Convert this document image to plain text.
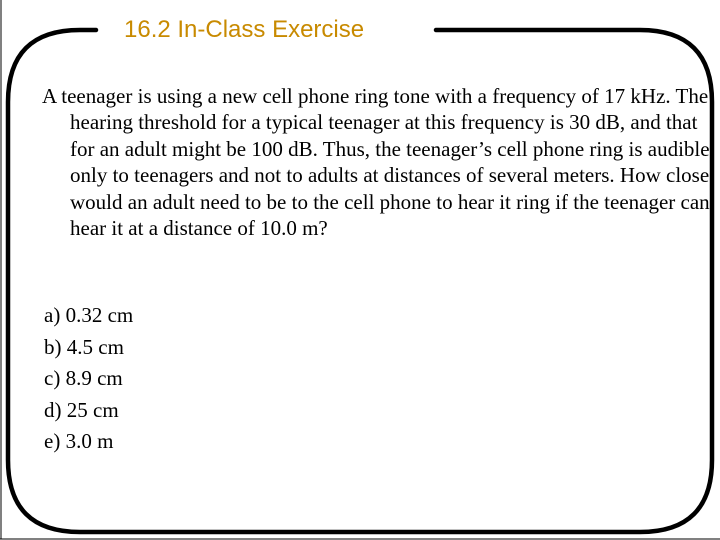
16.2 In-Class Exercise

A teenager is using a new cell phone ring tone with a frequency of 17 kHz. The hearing threshold for a typical teenager at this frequency is 30 dB, and that for an adult might be 100 dB. Thus, the teenager’s cell phone ring is audible only to teenagers and not to adults at distances of several meters. How close would an adult need to be to the cell phone to hear it ring if the teenager can hear it at a distance of 10.0 m?

a) 0.32 cm
b) 4.5 cm
c) 8.9 cm
d) 25 cm
e) 3.0 m
